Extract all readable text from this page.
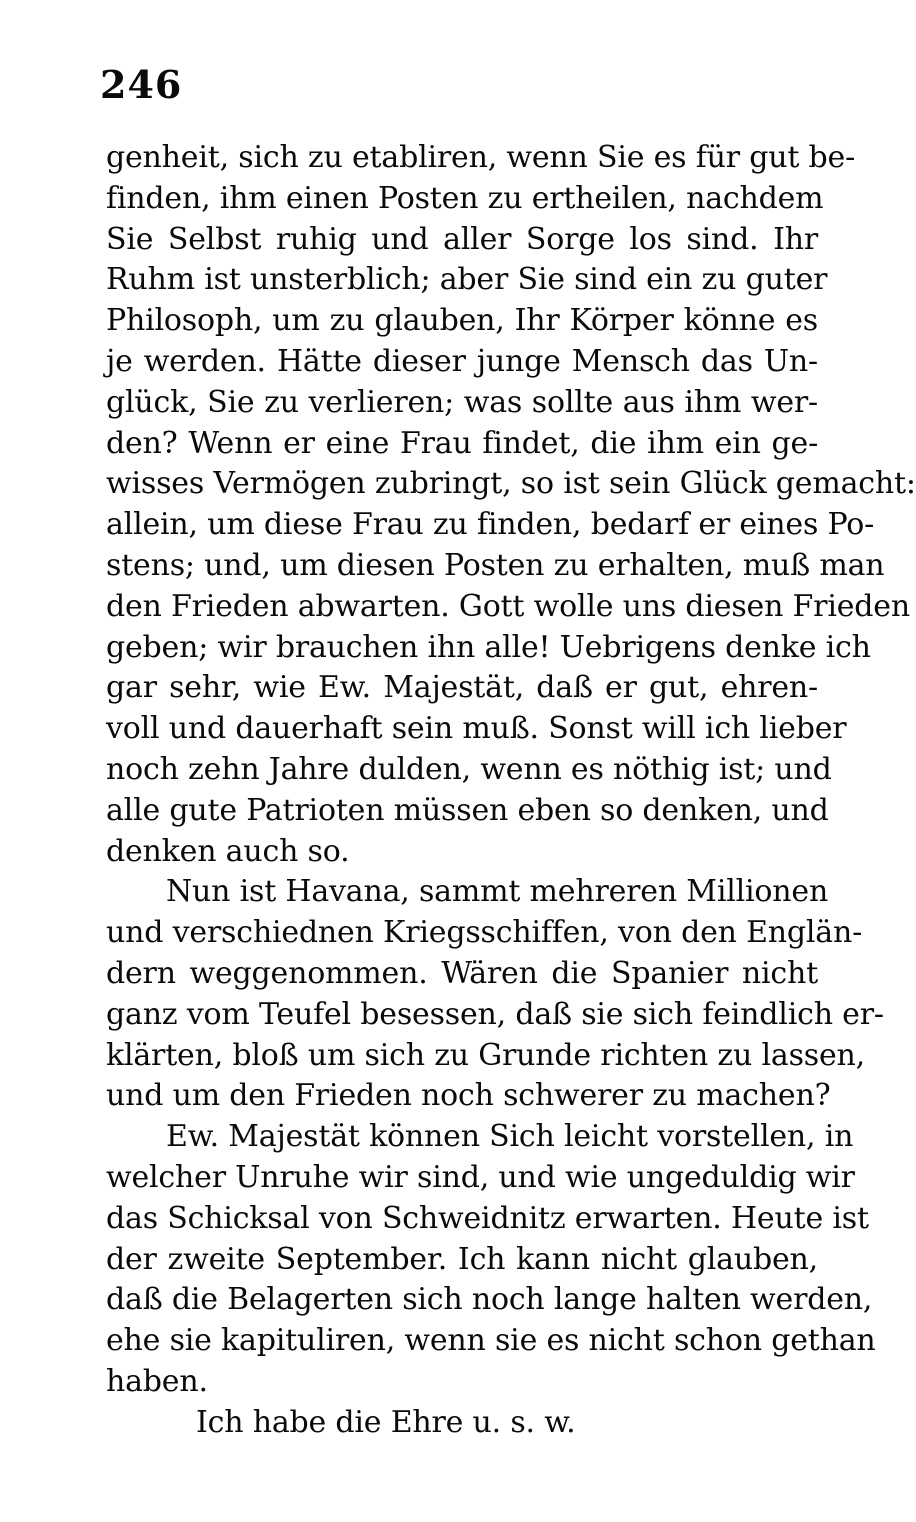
246
genheit, sich zu etabliren, wenn Sie es für gut be-
finden, ihm einen Posten zu ertheilen, nachdem
Sie Selbst ruhig und aller Sorge los sind. Ihr
Ruhm ist unsterblich; aber Sie sind ein zu guter
Philosoph, um zu glauben, Ihr Körper könne es
je werden. Hätte dieser junge Mensch das Un-
glück, Sie zu verlieren; was sollte aus ihm wer-
den? Wenn er eine Frau findet, die ihm ein ge-
wisses Vermögen zubringt, so ist sein Glück gemacht:
allein, um diese Frau zu finden, bedarf er eines Po-
stens; und, um diesen Posten zu erhalten, muß man
den Frieden abwarten. Gott wolle uns diesen Frieden
geben; wir brauchen ihn alle! Uebrigens denke ich
gar sehr, wie Ew. Majestät, daß er gut, ehren-
voll und dauerhaft sein muß. Sonst will ich lieber
noch zehn Jahre dulden, wenn es nöthig ist; und
alle gute Patrioten müssen eben so denken, und
denken auch so.
Nun ist Havana, sammt mehreren Millionen
und verschiednen Kriegsschiffen, von den Englän-
dern weggenommen. Wären die Spanier nicht
ganz vom Teufel besessen, daß sie sich feindlich er-
klärten, bloß um sich zu Grunde richten zu lassen,
und um den Frieden noch schwerer zu machen?
Ew. Majestät können Sich leicht vorstellen, in
welcher Unruhe wir sind, und wie ungeduldig wir
das Schicksal von Schweidnitz erwarten. Heute ist
der zweite September. Ich kann nicht glauben,
daß die Belagerten sich noch lange halten werden,
ehe sie kapituliren, wenn sie es nicht schon gethan
haben.
Ich habe die Ehre u. s. w.
